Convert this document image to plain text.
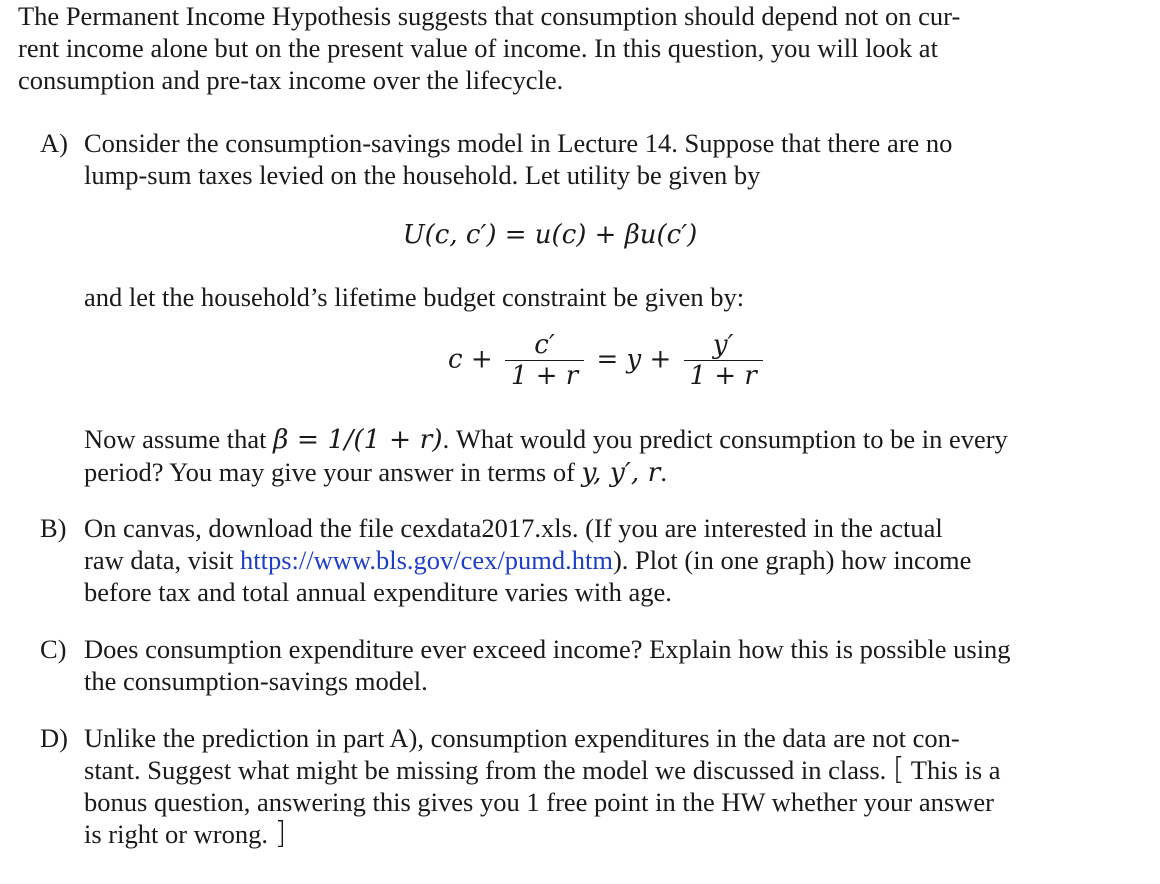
The Permanent Income Hypothesis suggests that consumption should depend not on cur-
rent income alone but on the present value of income. In this question, you will look at
consumption and pre-tax income over the lifecycle.
A) Consider the consumption-savings model in Lecture 14. Suppose that there are no
lump-sum taxes levied on the household. Let utility be given by
U(c, c′) = u(c) + βu(c′)
and let the household’s lifetime budget constraint be given by:
$c + \frac{c'}{1 + r} = y + \frac{y'}{1 + r}$
Now assume that β = 1/(1 + r). What would you predict consumption to be in every
period? You may give your answer in terms of y, y′, r.
B) On canvas, download the file cexdata2017.xls. (If you are interested in the actual
raw data, visit https://www.bls.gov/cex/pumd.htm). Plot (in one graph) how income
before tax and total annual expenditure varies with age.
C) Does consumption expenditure ever exceed income? Explain how this is possible using
the consumption-savings model.
D) Unlike the prediction in part A), consumption expenditures in the data are not con-
stant. Suggest what might be missing from the model we discussed in class. [ This is a
bonus question, answering this gives you 1 free point in the HW whether your answer
is right or wrong. ]
